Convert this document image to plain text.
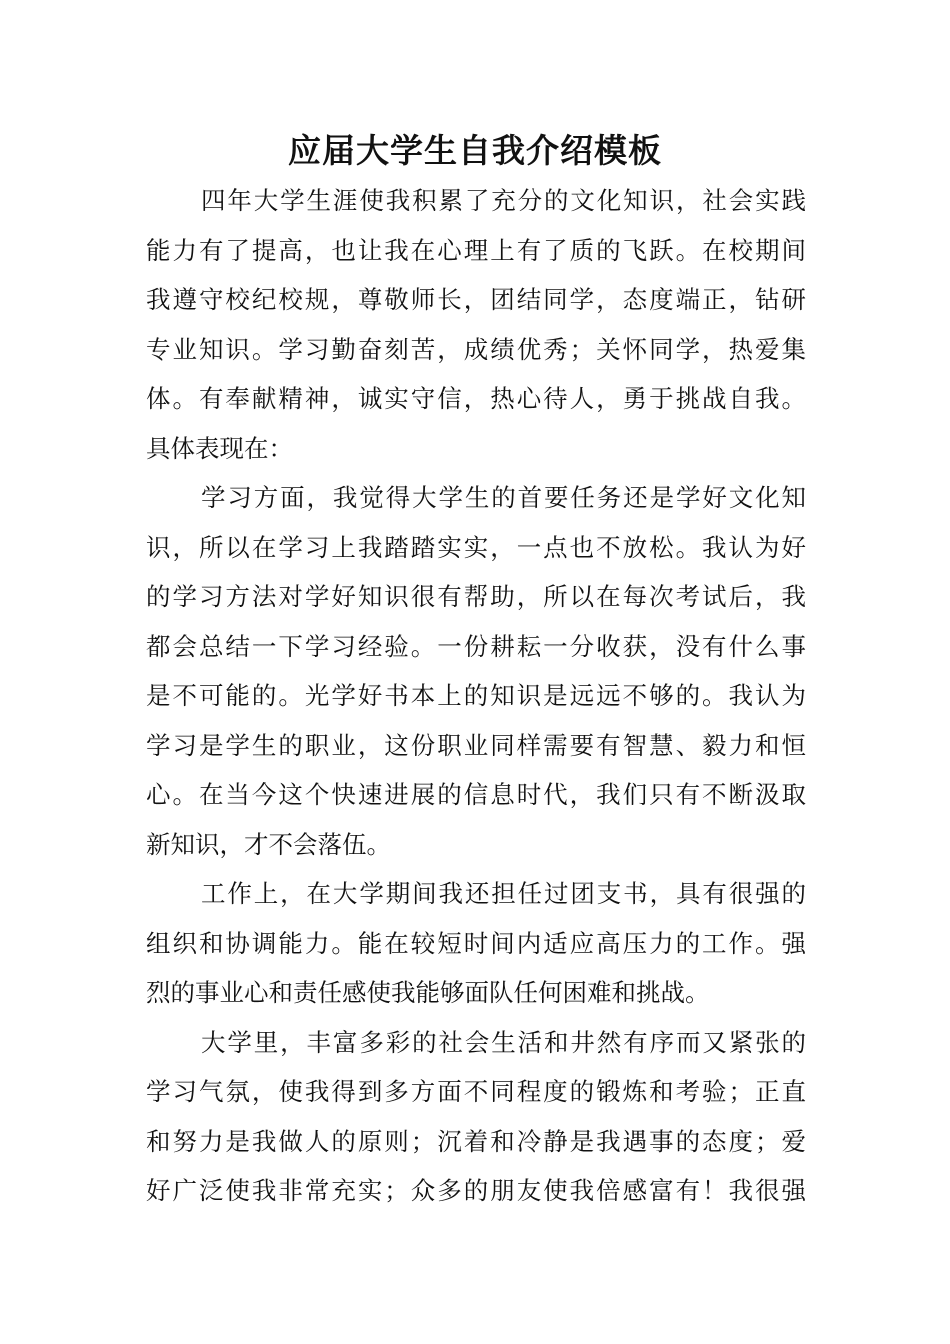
应届大学生自我介绍模板
四年大学生涯使我积累了充分的文化知识，社会实践
能力有了提高，也让我在心理上有了质的飞跃。在校期间
我遵守校纪校规，尊敬师长，团结同学，态度端正，钻研
专业知识。学习勤奋刻苦，成绩优秀；关怀同学，热爱集
体。有奉献精神，诚实守信，热心待人，勇于挑战自我。
具体表现在：
学习方面，我觉得大学生的首要任务还是学好文化知
识，所以在学习上我踏踏实实，一点也不放松。我认为好
的学习方法对学好知识很有帮助，所以在每次考试后，我
都会总结一下学习经验。一份耕耘一分收获，没有什么事
是不可能的。光学好书本上的知识是远远不够的。我认为
学习是学生的职业，这份职业同样需要有智慧、毅力和恒
心。在当今这个快速进展的信息时代，我们只有不断汲取
新知识，才不会落伍。
工作上，在大学期间我还担任过团支书，具有很强的
组织和协调能力。能在较短时间内适应高压力的工作。强
烈的事业心和责任感使我能够面队任何困难和挑战。
大学里，丰富多彩的社会生活和井然有序而又紧张的
学习气氛，使我得到多方面不同程度的锻炼和考验；正直
和努力是我做人的原则；沉着和冷静是我遇事的态度；爱
好广泛使我非常充实；众多的朋友使我倍感富有！我很强
